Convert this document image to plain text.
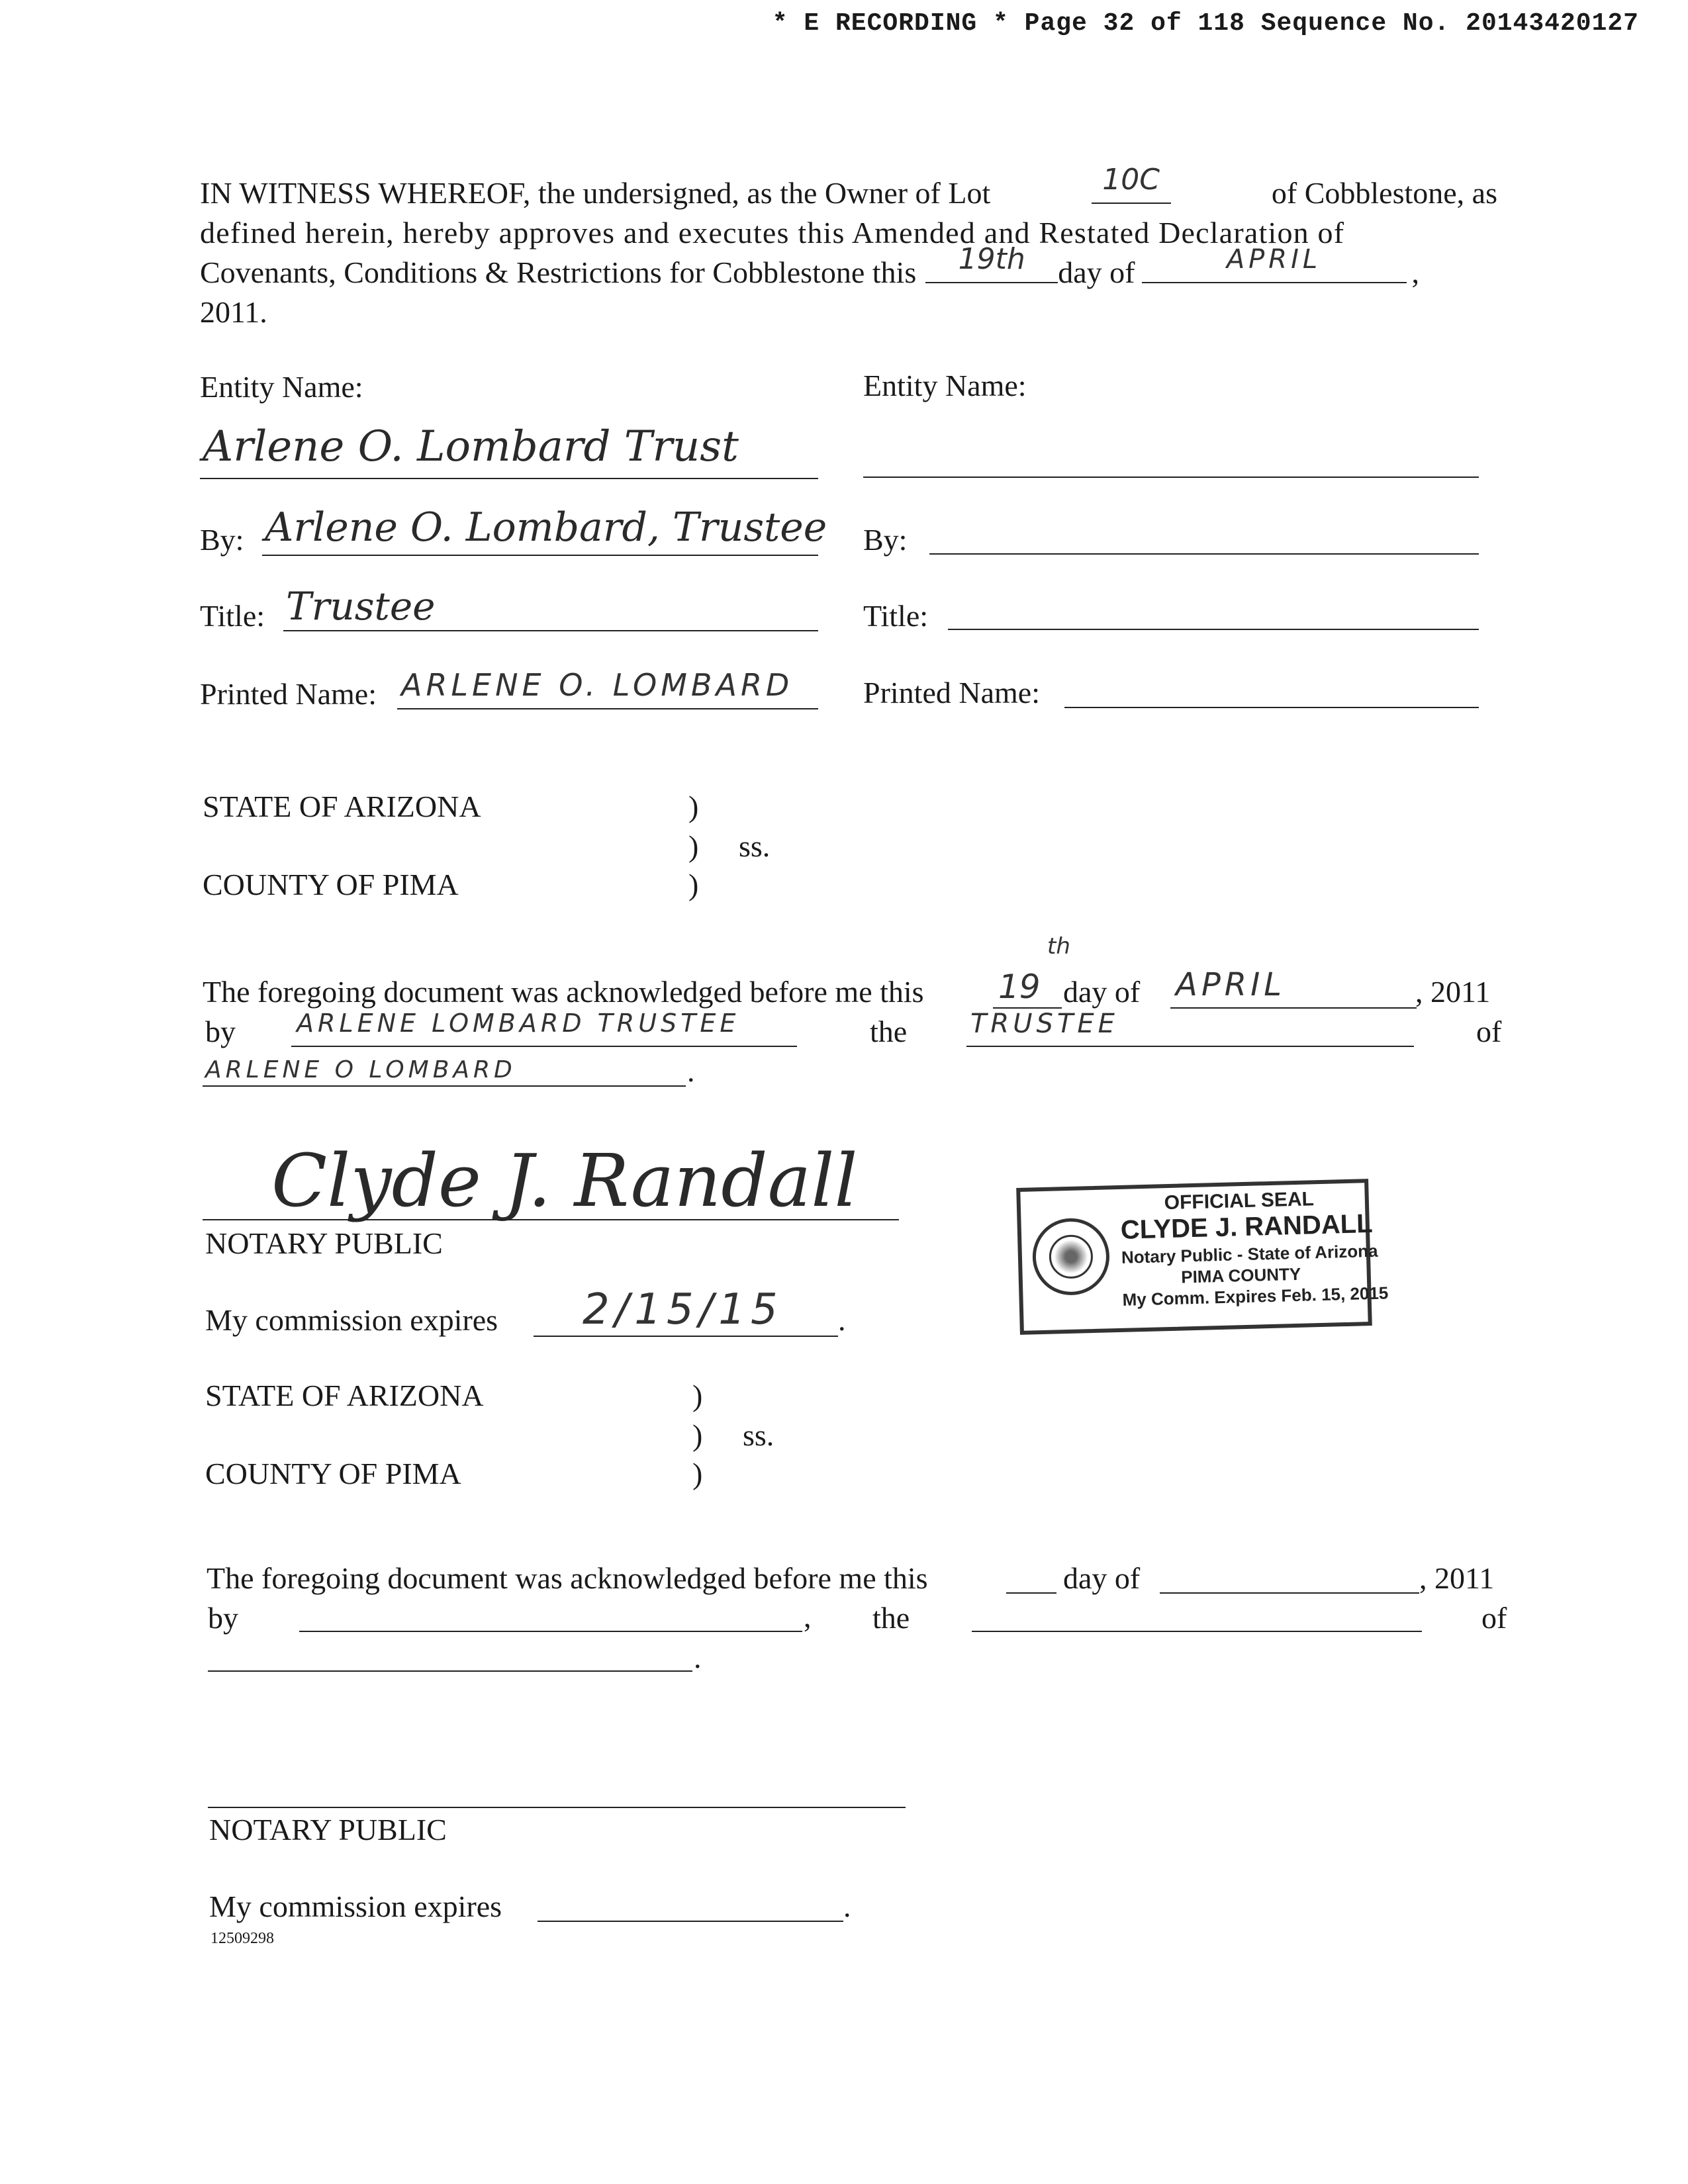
* E RECORDING * Page 32 of 118 Sequence No. 20143420127
IN WITNESS WHEREOF, the undersigned, as the Owner of Lot	10C	of Cobblestone, as
defined herein, hereby approves and executes this Amended and Restated Declaration of
Covenants, Conditions & Restrictions for Cobblestone this	19th	day of	APRIL	,
2011.
Entity Name:
Arlene O. Lombard Trust
By: Arlene O. Lombard, Trustee
Title: Trustee
Printed Name: ARLENE O. LOMBARD
Entity Name:
By:
Title:
Printed Name:
STATE OF ARIZONA	)
) ss.
COUNTY OF PIMA	)
The foregoing document was acknowledged before me this 19
th
day of APRIL	, 2011
by ARLENE LOMBARD TRUSTEE	the TRUSTEE	of
ARLENE O LOMBARD	.
Clyde J. Randall
NOTARY PUBLIC
My commission expires 2/15/15 .
OFFICIAL SEAL
CLYDE J. RANDALL
Notary Public - State of Arizona
PIMA COUNTY
My Comm. Expires Feb. 15, 2015
STATE OF ARIZONA	)
) ss.
COUNTY OF PIMA	)
The foregoing document was acknowledged before me this	day of	, 2011
by	, the	of
.
NOTARY PUBLIC
My commission expires	.
12509298
